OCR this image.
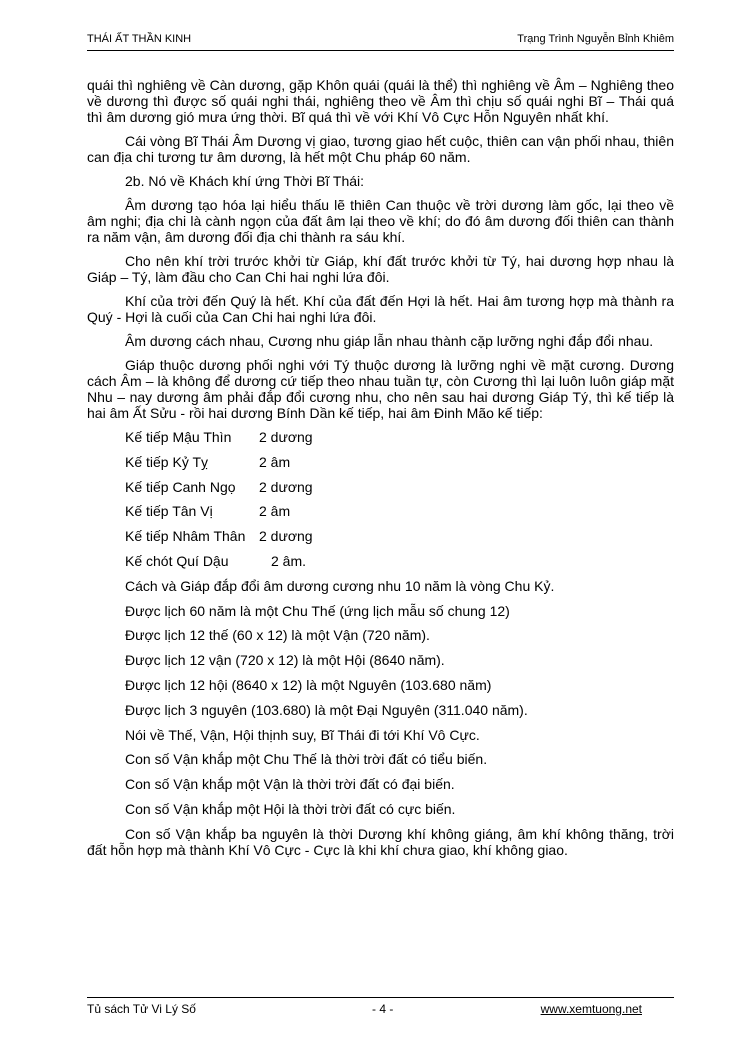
THÁI ẤT THẦN KINH	Trạng Trình Nguyễn Bỉnh Khiêm

quái thì nghiêng về Càn dương, gặp Khôn quái (quái là thể) thì nghiêng về Âm – Nghiêng theo về dương thì được số quái nghi thái, nghiêng theo về Âm thì chịu số quái nghi Bĩ – Thái quá thì âm dương gió mưa ứng thời. Bĩ quá thì về với Khí Vô Cực Hỗn Nguyên nhất khí.

Cái vòng Bĩ Thái Âm Dương vị giao, tương giao hết cuộc, thiên can vận phối nhau, thiên can địa chi tương tư âm dương, là hết một Chu pháp 60 năm.

2b. Nó về Khách khí ứng Thời Bĩ Thái:

Âm dương tạo hóa lại hiểu thấu lẽ thiên Can thuộc về trời dương làm gốc, lại theo về âm nghi; địa chi là cành ngọn của đất âm lại theo về khí; do đó âm dương đối thiên can thành ra năm vận, âm dương đối địa chi thành ra sáu khí.

Cho nên khí trời trước khởi từ Giáp, khí đất trước khởi từ Tý, hai dương hợp nhau là Giáp – Tý, làm đầu cho Can Chi hai nghi lứa đôi.

Khí của trời đến Quý là hết. Khí của đất đến Hợi là hết. Hai âm tương hợp mà thành ra Quý - Hợi là cuối của Can Chi hai nghi lứa đôi.

Âm dương cách nhau, Cương nhu giáp lẫn nhau thành cặp lưỡng nghi đắp đổi nhau.

Giáp thuộc dương phối nghi với Tý thuộc dương là lưỡng nghi về mặt cương. Dương cách Âm – là không để dương cứ tiếp theo nhau tuần tự, còn Cương thì lại luôn luôn giáp mặt Nhu – nay dương âm phải đắp đổi cương nhu, cho nên sau hai dương Giáp Tý, thì kế tiếp là hai âm Ất Sửu - rồi hai dương Bính Dần kế tiếp, hai âm Đinh Mão kế tiếp:

Kế tiếp Mậu Thìn 2 dương

Kế tiếp Kỷ Tỵ	2 âm

Kế tiếp Canh Ngọ 2 dương

Kế tiếp Tân Vị	2 âm

Kế tiếp Nhâm Thân 2 dương

Kế chót Quí Dậu	2 âm.

Cách và Giáp đắp đổi âm dương cương nhu 10 năm là vòng Chu Kỷ.

Được lịch 60 năm là một Chu Thế (ứng lịch mẫu số chung 12)

Được lịch 12 thế (60 x 12) là một Vận (720 năm).

Được lịch 12 vận (720 x 12) là một Hội (8640 năm).

Được lịch 12 hội (8640 x 12) là một Nguyên (103.680 năm)

Được lịch 3 nguyên (103.680) là một Đại Nguyên (311.040 năm).

Nói về Thế, Vận, Hội thịnh suy, Bĩ Thái đi tới Khí Vô Cực.

Con số Vận khắp một Chu Thế là thời trời đất có tiểu biến.

Con số Vận khắp một Vận là thời trời đất có đại biến.

Con số Vận khắp một Hội là thời trời đất có cực biến.

Con số Vận khắp ba nguyên là thời Dương khí không giáng, âm khí không thăng, trời đất hỗn hợp mà thành Khí Vô Cực - Cực là khi khí chưa giao, khí không giao.

Tủ sách Tử Vi Lý Số	- 4 -	www.xemtuong.net
